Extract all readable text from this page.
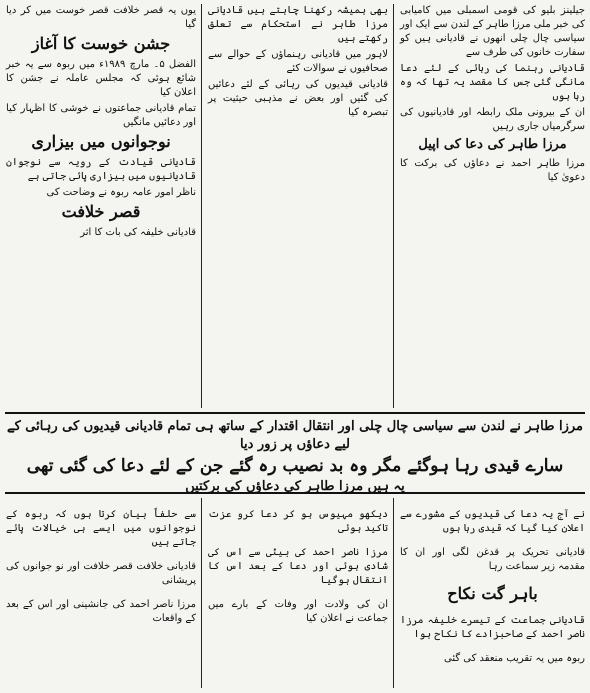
جیلینز بلیو کی قومی اسمبلی میں کامیابی کی خبر ملی مرزا طاہر کے لندن سے ایک اور سیاسی چال چلی انھوں نے قادیانی ہیں کو سفارت خانوں کی طرف سے

قادیانی رہنما کی رہائی کے لئے دعا مانگی گئی جس کا مقصد یہ تھا کہ وہ رہا ہوں

ان کے بیرونی ملک رابطہ اور قادیانیوں کی سرگرمیاں جاری رہیں

مرزا طاہر کی دعا کی اپیل

مرزا طاہر احمد نے دعاؤں کی برکت کا دعویٰ کیا

بھی ہمیشہ رکھنا چاہتے ہیں قادیانی مرزا طاہر نے استحکام سے تعلق رکھتے ہیں

لاہور میں قادیانی رہنماؤں کے حوالے سے صحافیوں نے سوالات کئے

قادیانی قیدیوں کی رہائی کے لئے دعائیں کی گئیں اور بعض نے مذہبی حیثیت پر تبصرہ کیا

یوں یہ قصر خلافت قصر خوست میں کر دیا گیا

جشن خوست کا آغاز

الفضل ۵۔ مارچ ۱۹۸۹ء میں ربوہ سے یہ خبر شائع ہوئی کہ مجلس عاملہ نے جشن کا اعلان کیا

تمام قادیانی جماعتوں نے خوشی کا اظہار کیا اور دعائیں مانگیں

نوجوانوں میں بیزاری

قادیانی قیادت کے رویہ سے نوجوان قادیانیوں میں بیزاری پائی جاتی ہے

ناظر امور عامہ ربوہ نے وضاحت کی

قصر خلافت

قادیانی خلیفہ کی بات کا اثر

مرزا طاہر نے لندن سے سیاسی چال چلی اور انتقال اقتدار کے ساتھ ہی تمام قادیانی قیدیوں کی رہائی کے لیے دعاؤں پر زور دیا
سارے قیدی رہا ہوگئے مگر وہ بد نصیب رہ گئے جن کے لئے دعا کی گئی تھی
یہ ہیں مرزا طاہر کی دعاؤں کی برکتیں

نے آج یہ دعا کی قیدیوں کے مشورے سے اعلان کیا گیا کہ قیدی رہا ہوں

قادیانی تحریک پر قدغن لگی اور ان کا مقدمہ زیر سماعت رہا

باہر گت نکاح

قادیانی جماعت کے تیسرے خلیفہ مرزا ناصر احمد کے صاحبزادے کا نکاح ہوا

ربوہ میں یہ تقریب منعقد کی گئی

دیکھو مہیوس ہو کر دعا کرو عزت تاکید ہوئی

مرزا ناصر احمد کی بیٹی سے اس کی شادی ہوئی اور دعا کے بعد اس کا انتقال ہوگیا

ان کی ولادت اور وفات کے بارے میں جماعت نے اعلان کیا

سے حلفاً بیان کرتا ہوں کہ ربوہ کے نوجوانوں میں ایسے ہی خیالات پائے جاتے ہیں

قادیانی خلافت قصر خلافت اور نو جوانوں کی پریشانی

مرزا ناصر احمد کی جانشینی اور اس کے بعد کے واقعات
